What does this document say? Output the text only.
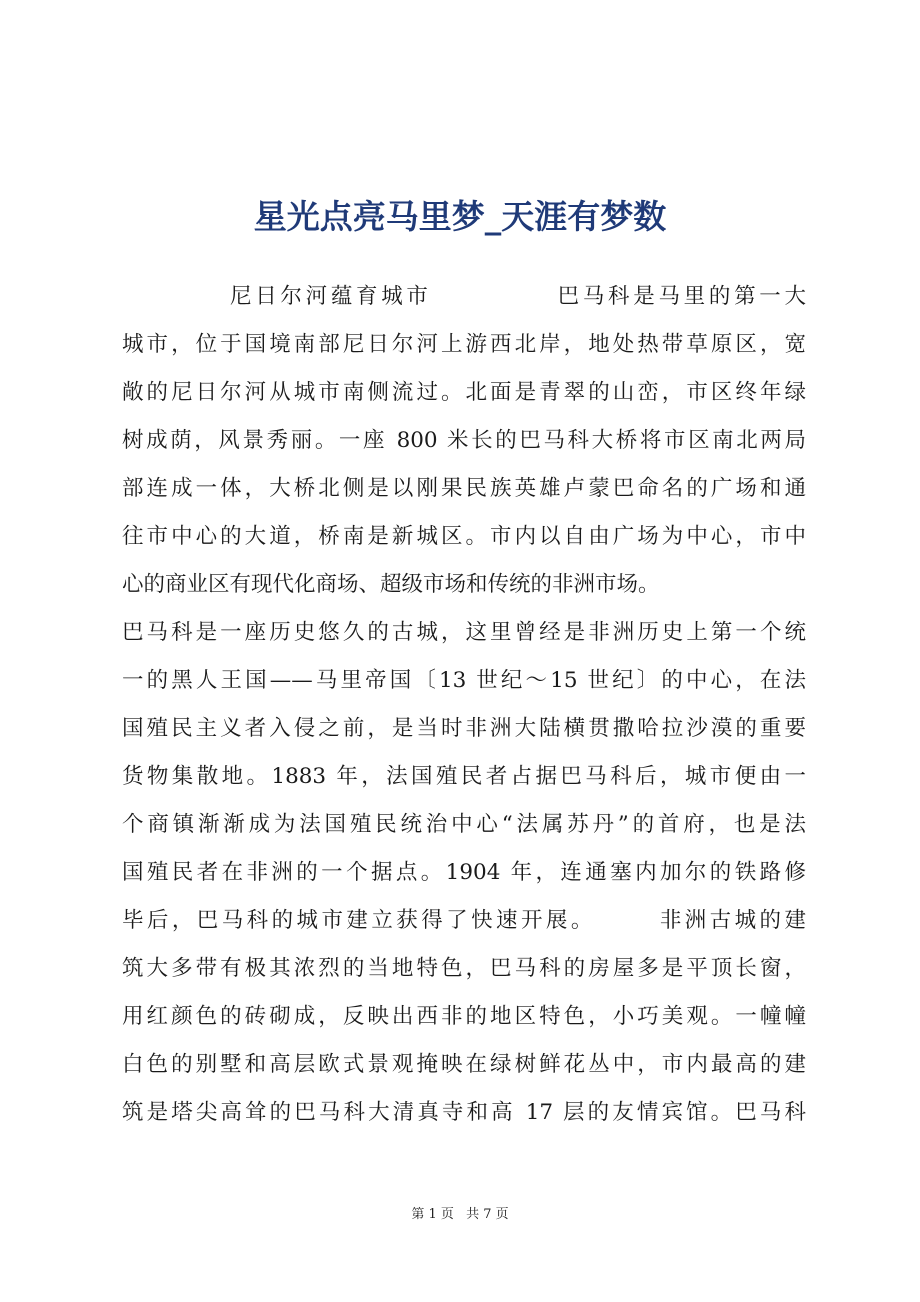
星光点亮马里梦_天涯有梦数
尼日尔河蕴育城市　　　　　巴马科是马里的第一大
城市，位于国境南部尼日尔河上游西北岸，地处热带草原区，宽
敞的尼日尔河从城市南侧流过。北面是青翠的山峦，市区终年绿
树成荫，风景秀丽。一座 800 米长的巴马科大桥将市区南北两局
部连成一体，大桥北侧是以刚果民族英雄卢蒙巴命名的广场和通
往市中心的大道，桥南是新城区。市内以自由广场为中心，市中
心的商业区有现代化商场、超级市场和传统的非洲市场。
巴马科是一座历史悠久的古城，这里曾经是非洲历史上第一个统
一的黑人王国——马里帝国〔13 世纪～15 世纪〕的中心，在法
国殖民主义者入侵之前，是当时非洲大陆横贯撒哈拉沙漠的重要
货物集散地。1883 年，法国殖民者占据巴马科后，城市便由一
个商镇渐渐成为法国殖民统治中心“法属苏丹”的首府，也是法
国殖民者在非洲的一个据点。1904 年，连通塞内加尔的铁路修
毕后，巴马科的城市建立获得了快速开展。　　　非洲古城的建
筑大多带有极其浓烈的当地特色，巴马科的房屋多是平顶长窗，
用红颜色的砖砌成，反映出西非的地区特色，小巧美观。一幢幢
白色的别墅和高层欧式景观掩映在绿树鲜花丛中，市内最高的建
筑是塔尖高耸的巴马科大清真寺和高 17 层的友情宾馆。巴马科
第 1 页 共 7 页
